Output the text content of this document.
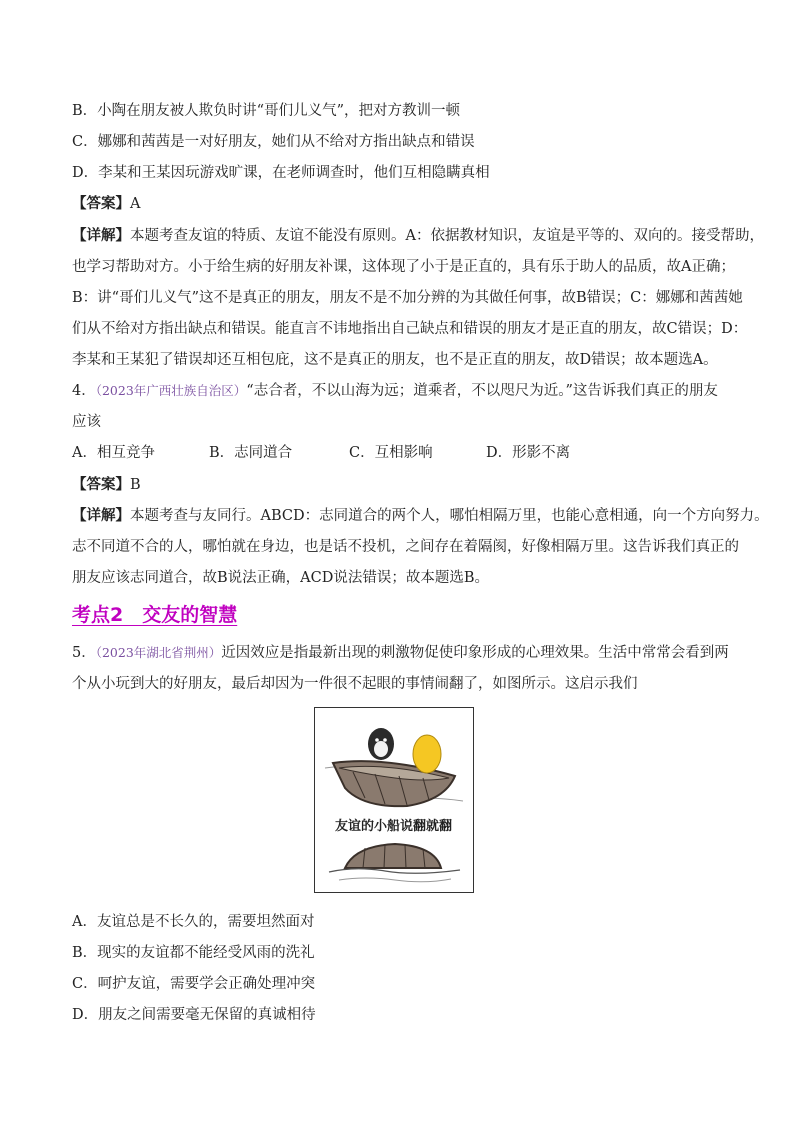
B．小陶在朋友被人欺负时讲“哥们儿义气”，把对方教训一顿
C．娜娜和茜茜是一对好朋友，她们从不给对方指出缺点和错误
D．李某和王某因玩游戏旷课，在老师调查时，他们互相隐瞒真相
【答案】A
【详解】本题考查友谊的特质、友谊不能没有原则。A：依据教材知识，友谊是平等的、双向的。接受帮助，
也学习帮助对方。小于给生病的好朋友补课，这体现了小于是正直的，具有乐于助人的品质，故A正确；
B：讲“哥们儿义气”这不是真正的朋友，朋友不是不加分辨的为其做任何事，故B错误；C：娜娜和茜茜她
们从不给对方指出缺点和错误。能直言不讳地指出自己缺点和错误的朋友才是正直的朋友，故C错误；D：
李某和王某犯了错误却还互相包庇，这不是真正的朋友，也不是正直的朋友，故D错误；故本题选A。
4．（2023年广西壮族自治区）“志合者，不以山海为远；道乘者，不以咫尺为近。”这告诉我们真正的朋友
应该
A．相互竞争	B．志同道合	C．互相影响	D．形影不离
【答案】B
【详解】本题考查与友同行。ABCD：志同道合的两个人，哪怕相隔万里，也能心意相通，向一个方向努力。
志不同道不合的人，哪怕就在身边，也是话不投机，之间存在着隔阂，好像相隔万里。这告诉我们真正的
朋友应该志同道合，故B说法正确，ACD说法错误；故本题选B。
考点2　交友的智慧
5．（2023年湖北省荆州）近因效应是指最新出现的刺激物促使印象形成的心理效果。生活中常常会看到两
个从小玩到大的好朋友，最后却因为一件很不起眼的事情闹翻了，如图所示。这启示我们
友谊的小船说翻就翻
A．友谊总是不长久的，需要坦然面对
B．现实的友谊都不能经受风雨的洗礼
C．呵护友谊，需要学会正确处理冲突
D．朋友之间需要毫无保留的真诚相待
